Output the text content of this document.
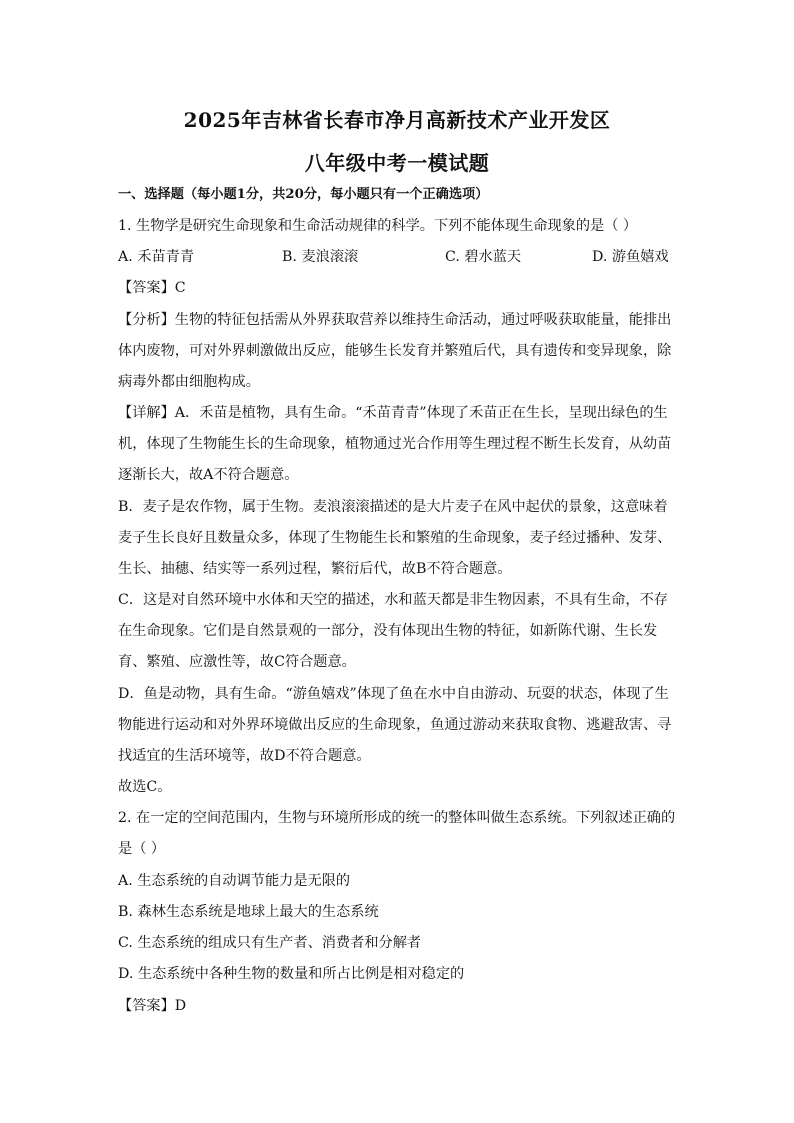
2025年吉林省长春市净月高新技术产业开发区
八年级中考一模试题
一、选择题（每小题1分，共20分，每小题只有一个正确选项）
1. 生物学是研究生命现象和生命活动规律的科学。下列不能体现生命现象的是（ ）
A. 禾苗青青	B. 麦浪滚滚	C. 碧水蓝天	D. 游鱼嬉戏
【答案】C
【分析】生物的特征包括需从外界获取营养以维持生命活动，通过呼吸获取能量，能排出
体内废物，可对外界刺激做出反应，能够生长发育并繁殖后代，具有遗传和变异现象，除
病毒外都由细胞构成。
【详解】A．禾苗是植物，具有生命。“禾苗青青”体现了禾苗正在生长，呈现出绿色的生
机，体现了生物能生长的生命现象，植物通过光合作用等生理过程不断生长发育，从幼苗
逐渐长大，故A不符合题意。
B．麦子是农作物，属于生物。麦浪滚滚描述的是大片麦子在风中起伏的景象，这意味着
麦子生长良好且数量众多，体现了生物能生长和繁殖的生命现象，麦子经过播种、发芽、
生长、抽穗、结实等一系列过程，繁衍后代，故B不符合题意。
C．这是对自然环境中水体和天空的描述，水和蓝天都是非生物因素，不具有生命，不存
在生命现象。它们是自然景观的一部分，没有体现出生物的特征，如新陈代谢、生长发
育、繁殖、应激性等，故C符合题意。
D．鱼是动物，具有生命。“游鱼嬉戏”体现了鱼在水中自由游动、玩耍的状态，体现了生
物能进行运动和对外界环境做出反应的生命现象，鱼通过游动来获取食物、逃避敌害、寻
找适宜的生活环境等，故D不符合题意。
故选C。
2. 在一定的空间范围内，生物与环境所形成的统一的整体叫做生态系统。下列叙述正确的
是（ ）
A. 生态系统的自动调节能力是无限的
B. 森林生态系统是地球上最大的生态系统
C. 生态系统的组成只有生产者、消费者和分解者
D. 生态系统中各种生物的数量和所占比例是相对稳定的
【答案】D
